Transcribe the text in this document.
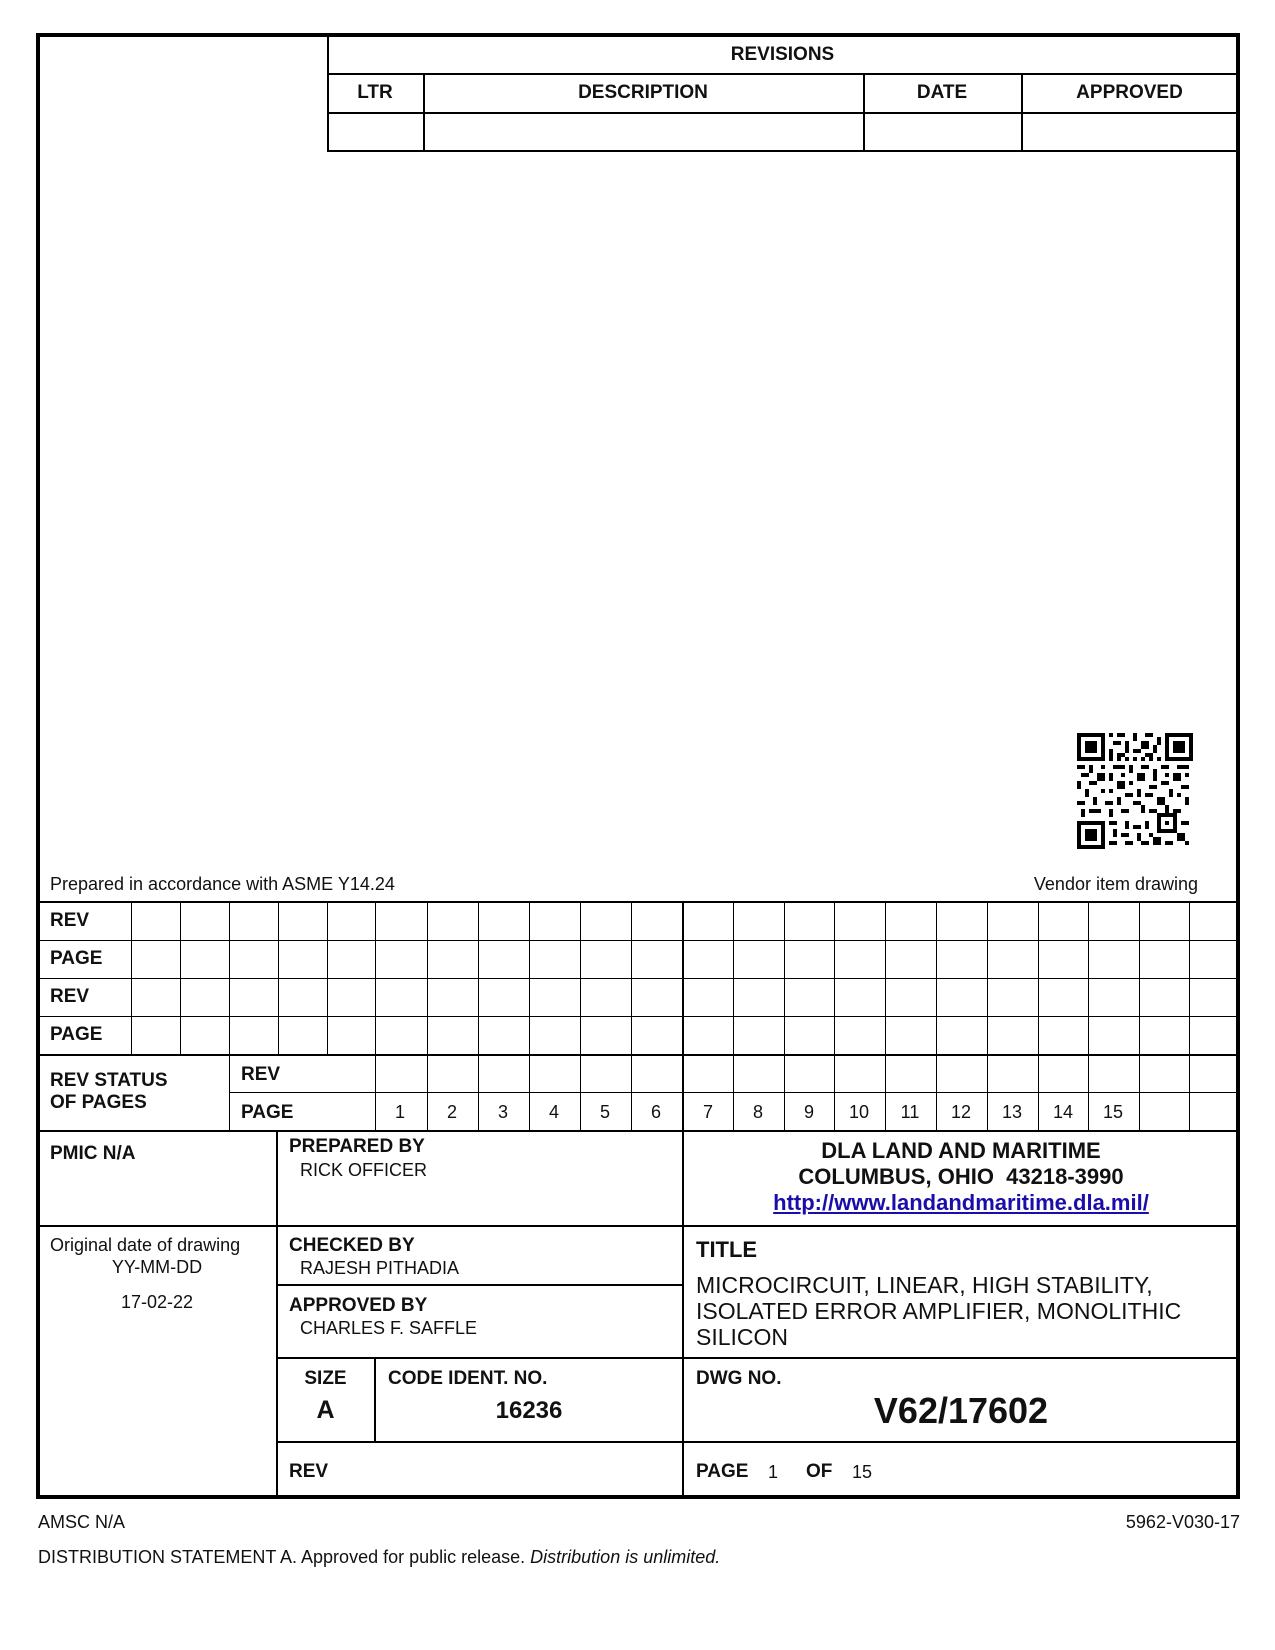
REVISIONS
LTR	DESCRIPTION	DATE	APPROVED
Prepared in accordance with ASME Y14.24	Vendor item drawing
REV
PAGE
REV
PAGE
REV STATUS
OF PAGES
REV
PAGE	1	2	3	4	5	6	7	8	9	10	11	12	13	14	15
PMIC N/A	PREPARED BY
RICK OFFICER
DLA LAND AND MARITIME
COLUMBUS, OHIO  43218-3990
http://www.landandmaritime.dla.mil/
Original date of drawing
YY-MM-DD
17-02-22
CHECKED BY
RAJESH PITHADIA
APPROVED BY
CHARLES F. SAFFLE
TITLE
MICROCIRCUIT, LINEAR, HIGH STABILITY,
ISOLATED ERROR AMPLIFIER, MONOLITHIC
SILICON
SIZE
A
CODE IDENT. NO.
16236
DWG NO.
V62/17602
REV	PAGE 1 OF 15
AMSC N/A	5962-V030-17
DISTRIBUTION STATEMENT A. Approved for public release. Distribution is unlimited.
